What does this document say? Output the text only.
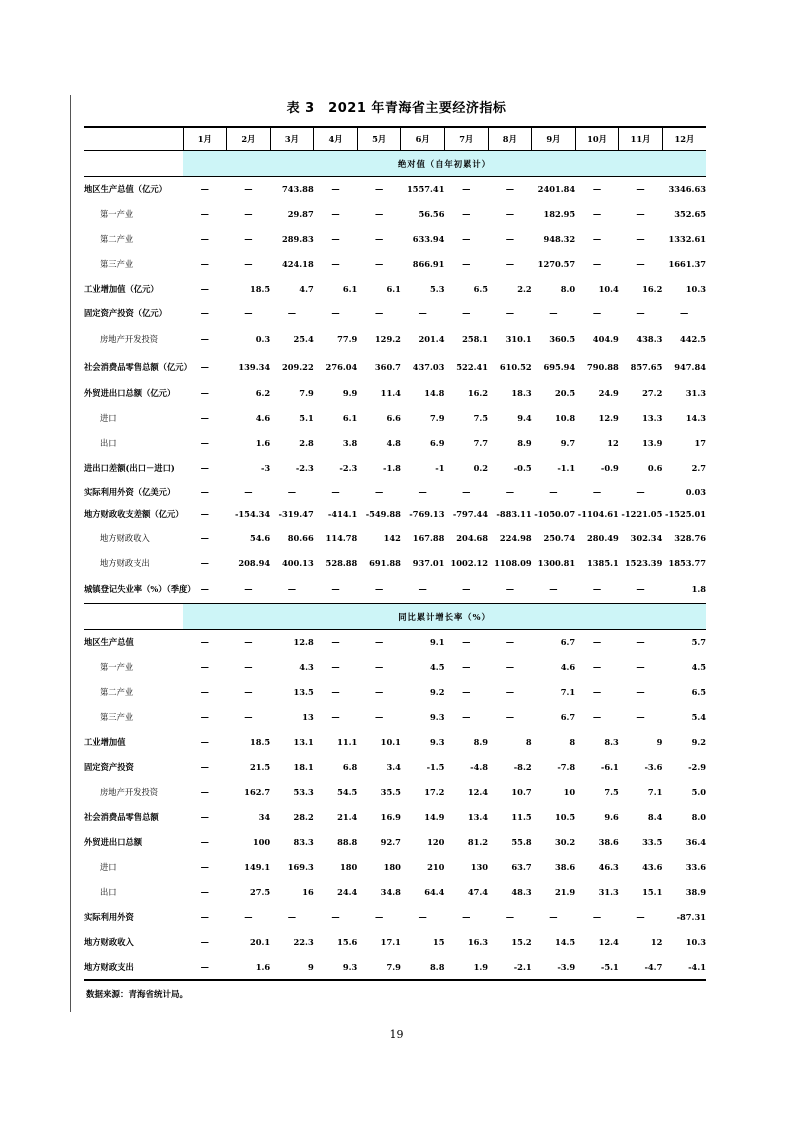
表 3　2021 年青海省主要经济指标
	1月	2月	3月	4月	5月	6月	7月	8月	9月	10月	11月	12月
	绝对值（自年初累计）											
地区生产总值（亿元）	—	—	743.88	—	—	1557.41	—	—	2401.84	—	—	3346.63
第一产业	—	—	29.87	—	—	56.56	—	—	182.95	—	—	352.65
第二产业	—	—	289.83	—	—	633.94	—	—	948.32	—	—	1332.61
第三产业	—	—	424.18	—	—	866.91	—	—	1270.57	—	—	1661.37
工业增加值（亿元）	—	18.5	4.7	6.1	6.1	5.3	6.5	2.2	8.0	10.4	16.2	10.3
固定资产投资（亿元）	—	—	—	—	—	—	—	—	—	—	—	—
房地产开发投资	—	0.3	25.4	77.9	129.2	201.4	258.1	310.1	360.5	404.9	438.3	442.5
社会消费品零售总额（亿元）	—	139.34	209.22	276.04	360.7	437.03	522.41	610.52	695.94	790.88	857.65	947.84
外贸进出口总额（亿元）	—	6.2	7.9	9.9	11.4	14.8	16.2	18.3	20.5	24.9	27.2	31.3
进口	—	4.6	5.1	6.1	6.6	7.9	7.5	9.4	10.8	12.9	13.3	14.3
出口	—	1.6	2.8	3.8	4.8	6.9	7.7	8.9	9.7	12	13.9	17
进出口差额(出口－进口)	—	-3	-2.3	-2.3	-1.8	-1	0.2	-0.5	-1.1	-0.9	0.6	2.7
实际利用外资（亿美元）	—	—	—	—	—	—	—	—	—	—	—	0.03
地方财政收支差额（亿元）	—	-154.34	-319.47	-414.1	-549.88	-769.13	-797.44	-883.11	-1050.07	-1104.61	-1221.05	-1525.01
地方财政收入	—	54.6	80.66	114.78	142	167.88	204.68	224.98	250.74	280.49	302.34	328.76
地方财政支出	—	208.94	400.13	528.88	691.88	937.01	1002.12	1108.09	1300.81	1385.1	1523.39	1853.77
城镇登记失业率（%）（季度）	—	—	—	—	—	—	—	—	—	—	—	1.8
	同比累计增长率（%）											
地区生产总值	—	—	12.8	—	—	9.1	—	—	6.7	—	—	5.7
第一产业	—	—	4.3	—	—	4.5	—	—	4.6	—	—	4.5
第二产业	—	—	13.5	—	—	9.2	—	—	7.1	—	—	6.5
第三产业	—	—	13	—	—	9.3	—	—	6.7	—	—	5.4
工业增加值	—	18.5	13.1	11.1	10.1	9.3	8.9	8	8	8.3	9	9.2
固定资产投资	—	21.5	18.1	6.8	3.4	-1.5	-4.8	-8.2	-7.8	-6.1	-3.6	-2.9
房地产开发投资	—	162.7	53.3	54.5	35.5	17.2	12.4	10.7	10	7.5	7.1	5.0
社会消费品零售总额	—	34	28.2	21.4	16.9	14.9	13.4	11.5	10.5	9.6	8.4	8.0
外贸进出口总额	—	100	83.3	88.8	92.7	120	81.2	55.8	30.2	38.6	33.5	36.4
进口	—	149.1	169.3	180	180	210	130	63.7	38.6	46.3	43.6	33.6
出口	—	27.5	16	24.4	34.8	64.4	47.4	48.3	21.9	31.3	15.1	38.9
实际利用外资	—	—	—	—	—	—	—	—	—	—	—	-87.31
地方财政收入	—	20.1	22.3	15.6	17.1	15	16.3	15.2	14.5	12.4	12	10.3
地方财政支出	—	1.6	9	9.3	7.9	8.8	1.9	-2.1	-3.9	-5.1	-4.7	-4.1
数据来源：青海省统计局。
19
